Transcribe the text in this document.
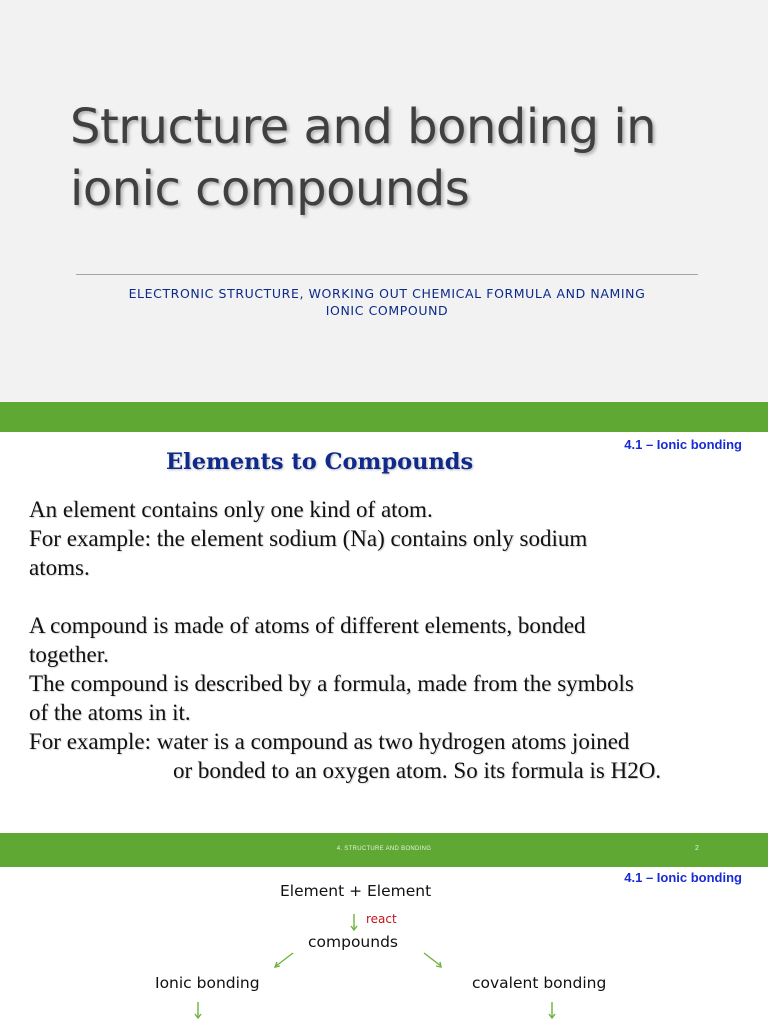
Structure and bonding in
ionic compounds
ELECTRONIC STRUCTURE, WORKING OUT CHEMICAL FORMULA AND NAMING
IONIC COMPOUND
4.1 – Ionic bonding
Elements to Compounds

An element contains only one kind of atom.

For example: the element sodium (Na) contains only sodium

atoms.

A compound is made of atoms of different elements, bonded

together.

The compound is described by a formula, made from the symbols

of the atoms in it.

For example: water is a compound as two hydrogen atoms joined

or bonded to an oxygen atom. So its formula is H2O.

4. STRUCTURE AND BONDING	2
4.1 – Ionic bonding
Element + Element
react
compounds
Ionic bonding	covalent bonding
